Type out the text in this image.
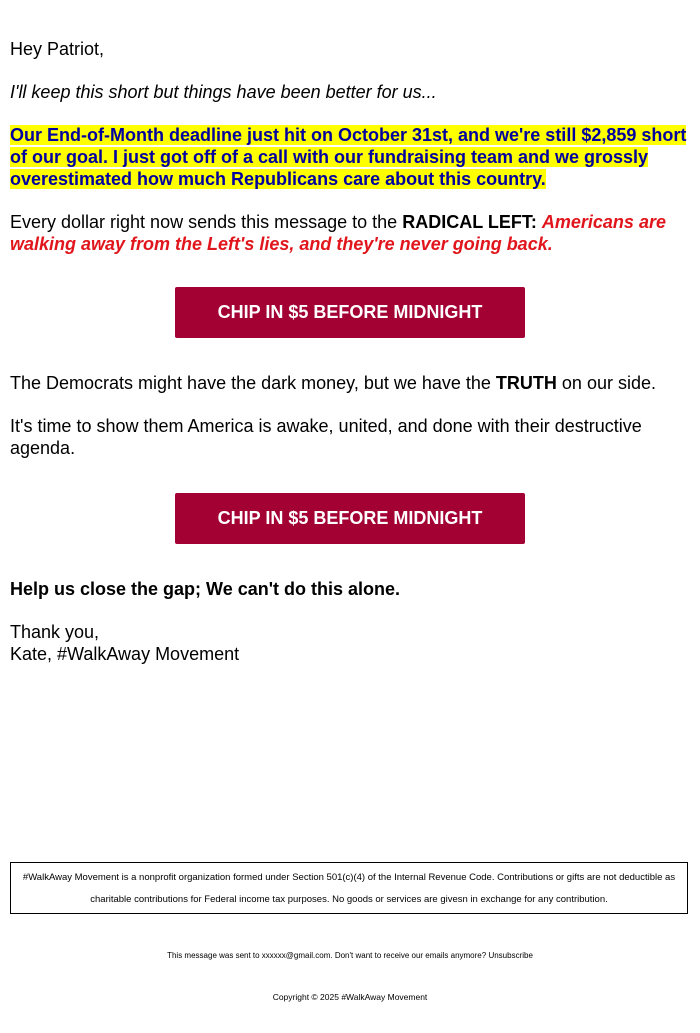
Hey Patriot,

I'll keep this short but things have been better for us...

Our End-of-Month deadline just hit on October 31st, and we're still $2,859 short of our goal. I just got off of a call with our fundraising team and we grossly overestimated how much Republicans care about this country.

Every dollar right now sends this message to the RADICAL LEFT: Americans are walking away from the Left's lies, and they're never going back.

CHIP IN $5 BEFORE MIDNIGHT

The Democrats might have the dark money, but we have the TRUTH on our side.

It's time to show them America is awake, united, and done with their destructive agenda.

CHIP IN $5 BEFORE MIDNIGHT

Help us close the gap; We can't do this alone.

Thank you,
Kate, #WalkAway Movement

#WalkAway Movement is a nonprofit organization formed under Section 501(c)(4) of the Internal Revenue Code. Contributions or gifts are not deductible as charitable contributions for Federal income tax purposes. No goods or services are givesn in exchange for any contribution.
This message was sent to xxxxxx@gmail.com. Don't want to receive our emails anymore? Unsubscribe
Copyright © 2025 #WalkAway Movement
